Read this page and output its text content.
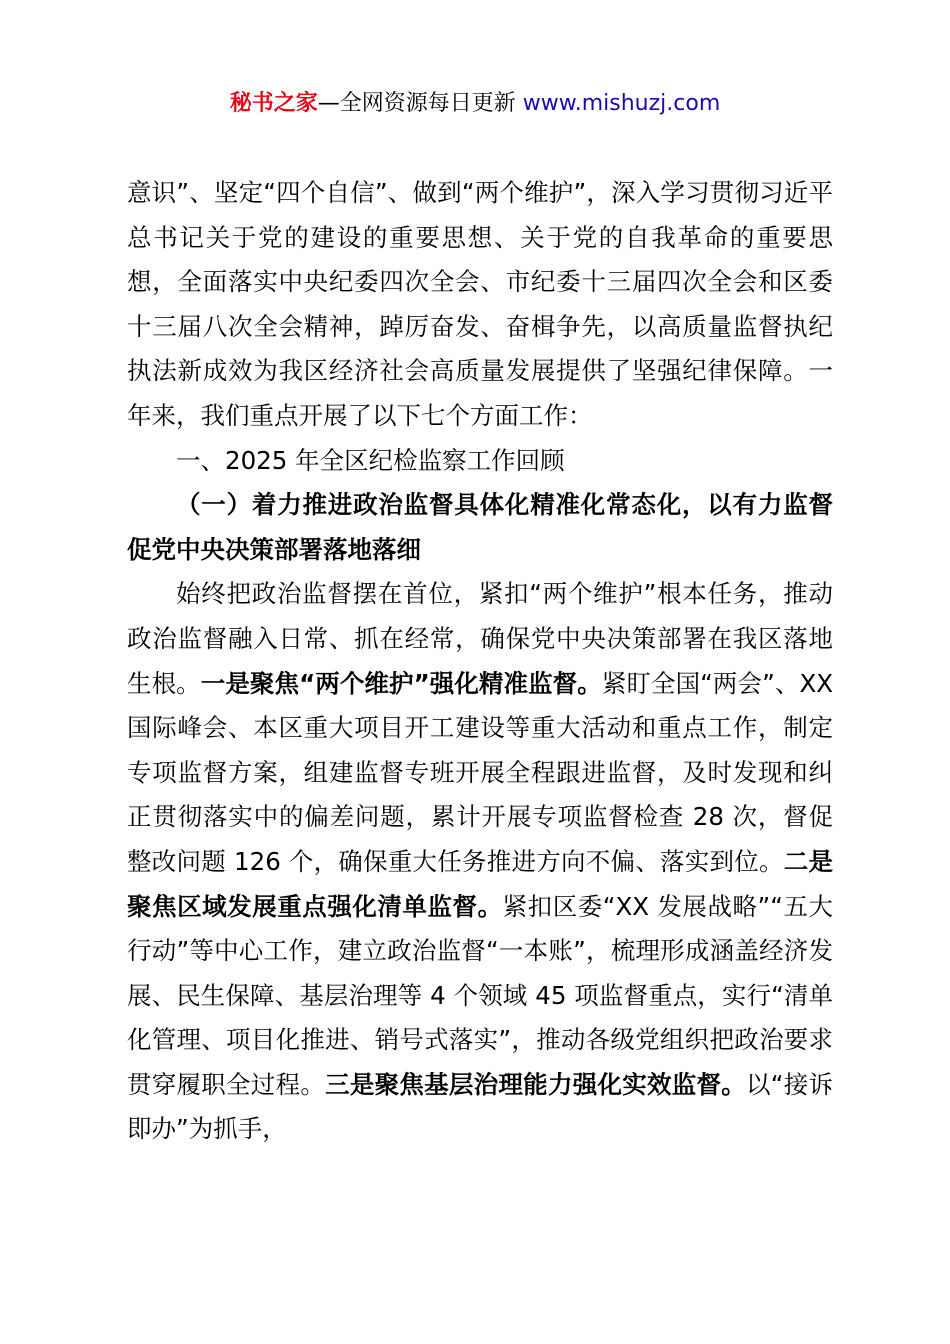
秘书之家—全网资源每日更新 www.mishuzj.com

意识”、坚定“四个自信”、做到“两个维护”，深入学习贯彻习近平总书记关于党的建设的重要思想、关于党的自我革命的重要思想，全面落实中央纪委四次全会、市纪委十三届四次全会和区委十三届八次全会精神，踔厉奋发、奋楫争先，以高质量监督执纪执法新成效为我区经济社会高质量发展提供了坚强纪律保障。一年来，我们重点开展了以下七个方面工作：

一、2025 年全区纪检监察工作回顾

（一）着力推进政治监督具体化精准化常态化，以有力监督促党中央决策部署落地落细

始终把政治监督摆在首位，紧扣“两个维护”根本任务，推动政治监督融入日常、抓在经常，确保党中央决策部署在我区落地生根。一是聚焦“两个维护”强化精准监督。紧盯全国“两会”、XX 国际峰会、本区重大项目开工建设等重大活动和重点工作，制定专项监督方案，组建监督专班开展全程跟进监督，及时发现和纠正贯彻落实中的偏差问题，累计开展专项监督检查 28 次，督促整改问题 126 个，确保重大任务推进方向不偏、落实到位。二是聚焦区域发展重点强化清单监督。紧扣区委“XX 发展战略”“五大行动”等中心工作，建立政治监督“一本账”，梳理形成涵盖经济发展、民生保障、基层治理等 4 个领域 45 项监督重点，实行“清单化管理、项目化推进、销号式落实”，推动各级党组织把政治要求贯穿履职全过程。三是聚焦基层治理能力强化实效监督。以“接诉即办”为抓手，
